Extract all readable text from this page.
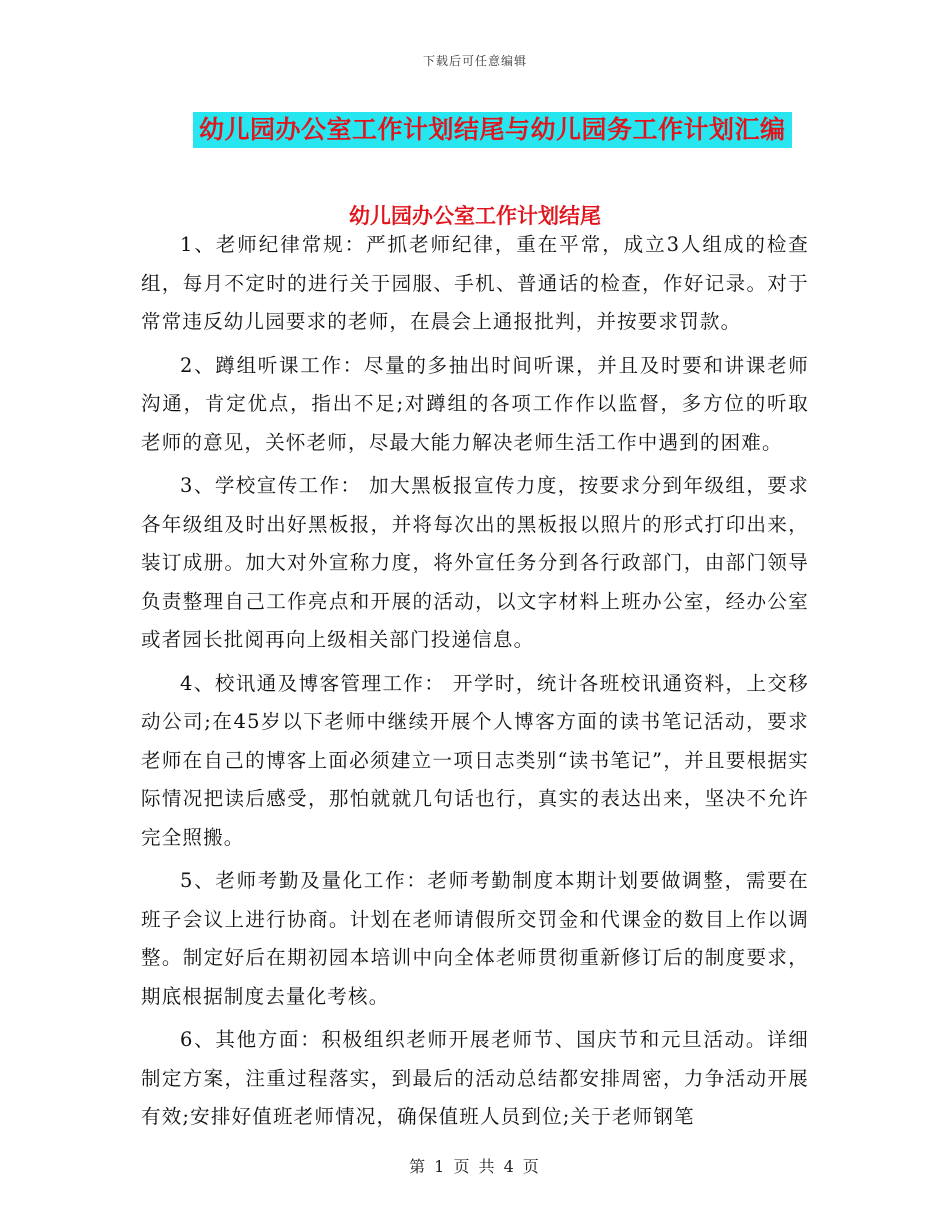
下载后可任意编辑
幼儿园办公室工作计划结尾与幼儿园务工作计划汇编
幼儿园办公室工作计划结尾

1、老师纪律常规：严抓老师纪律，重在平常，成立3人组成的检查组，每月不定时的进行关于园服、手机、普通话的检查，作好记录。对于常常违反幼儿园要求的老师，在晨会上通报批判，并按要求罚款。

2、蹲组听课工作：尽量的多抽出时间听课，并且及时要和讲课老师沟通，肯定优点，指出不足;对蹲组的各项工作作以监督，多方位的听取老师的意见，关怀老师，尽最大能力解决老师生活工作中遇到的困难。

3、学校宣传工作： 加大黑板报宣传力度，按要求分到年级组，要求各年级组及时出好黑板报，并将每次出的黑板报以照片的形式打印出来，装订成册。加大对外宣称力度，将外宣任务分到各行政部门，由部门领导负责整理自己工作亮点和开展的活动，以文字材料上班办公室，经办公室或者园长批阅再向上级相关部门投递信息。

4、校讯通及博客管理工作： 开学时，统计各班校讯通资料，上交移动公司;在45岁以下老师中继续开展个人博客方面的读书笔记活动，要求老师在自己的博客上面必须建立一项日志类别“读书笔记”，并且要根据实际情况把读后感受，那怕就就几句话也行，真实的表达出来，坚决不允许完全照搬。

5、老师考勤及量化工作：老师考勤制度本期计划要做调整，需要在班子会议上进行协商。计划在老师请假所交罚金和代课金的数目上作以调整。制定好后在期初园本培训中向全体老师贯彻重新修订后的制度要求，期底根据制度去量化考核。

6、其他方面：积极组织老师开展老师节、国庆节和元旦活动。详细制定方案，注重过程落实，到最后的活动总结都安排周密，力争活动开展有效;安排好值班老师情况，确保值班人员到位;关于老师钢笔

第 1 页 共 4 页
